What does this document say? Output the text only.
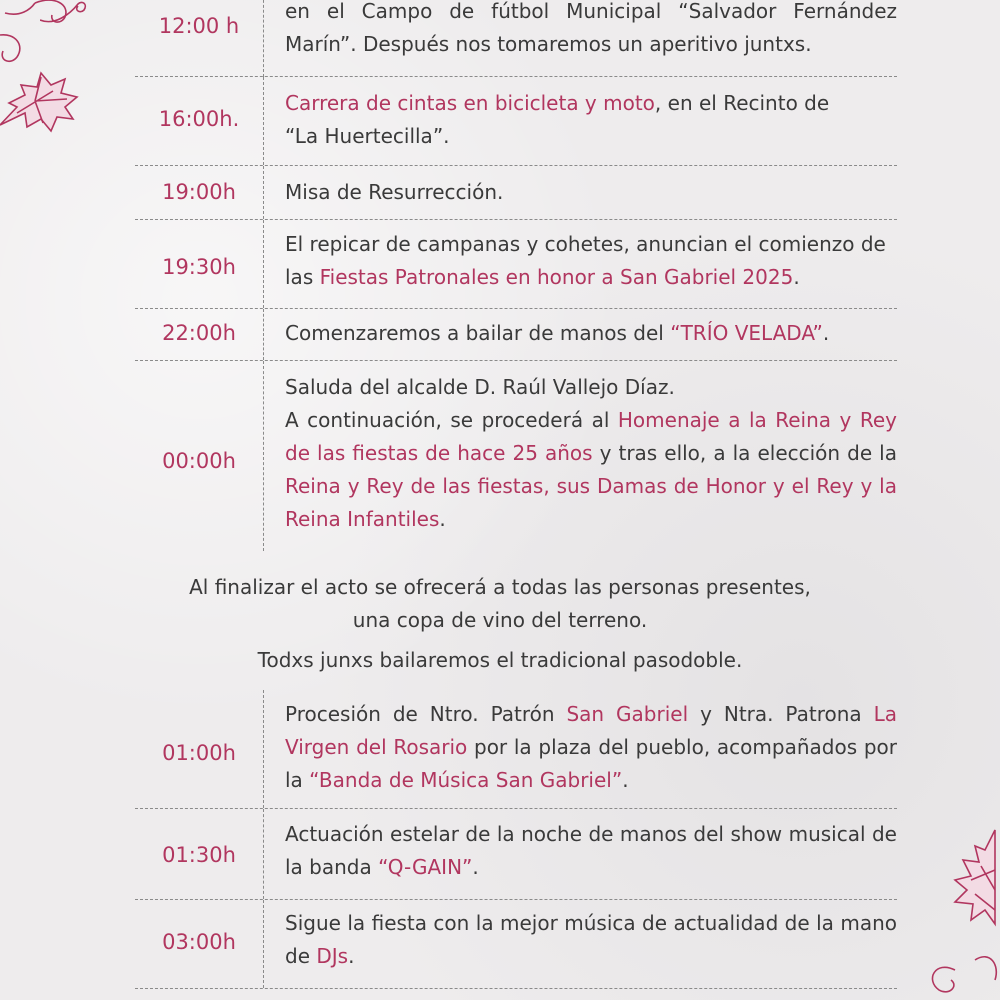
12:00 h
en el Campo de fútbol Municipal “Salvador Fernández Marín”. Después nos tomaremos un aperitivo juntxs.
16:00h.
Carrera de cintas en bicicleta y moto, en el Recinto de “La Huertecilla”.
19:00h	Misa de Resurrección.
19:30h
El repicar de campanas y cohetes, anuncian el comienzo de las Fiestas Patronales en honor a San Gabriel 2025.
22:00h	Comenzaremos a bailar de manos del “TRÍO VELADA”.
00:00h
Saluda del alcalde D. Raúl Vallejo Díaz.
A continuación, se procederá al Homenaje a la Reina y Rey de las fiestas de hace 25 años y tras ello, a la elección de la Reina y Rey de las fiestas, sus Damas de Honor y el Rey y la Reina Infantiles.
Al finalizar el acto se ofrecerá a todas las personas presentes,
una copa de vino del terreno.
Todxs junxs bailaremos el tradicional pasodoble.
01:00h
Procesión de Ntro. Patrón San Gabriel y Ntra. Patrona La Virgen del Rosario por la plaza del pueblo, acompañados por la “Banda de Música San Gabriel”.
01:30h
Actuación estelar de la noche de manos del show musical de la banda “Q-GAIN”.
03:00h
Sigue la fiesta con la mejor música de actualidad de la mano de DJs.
